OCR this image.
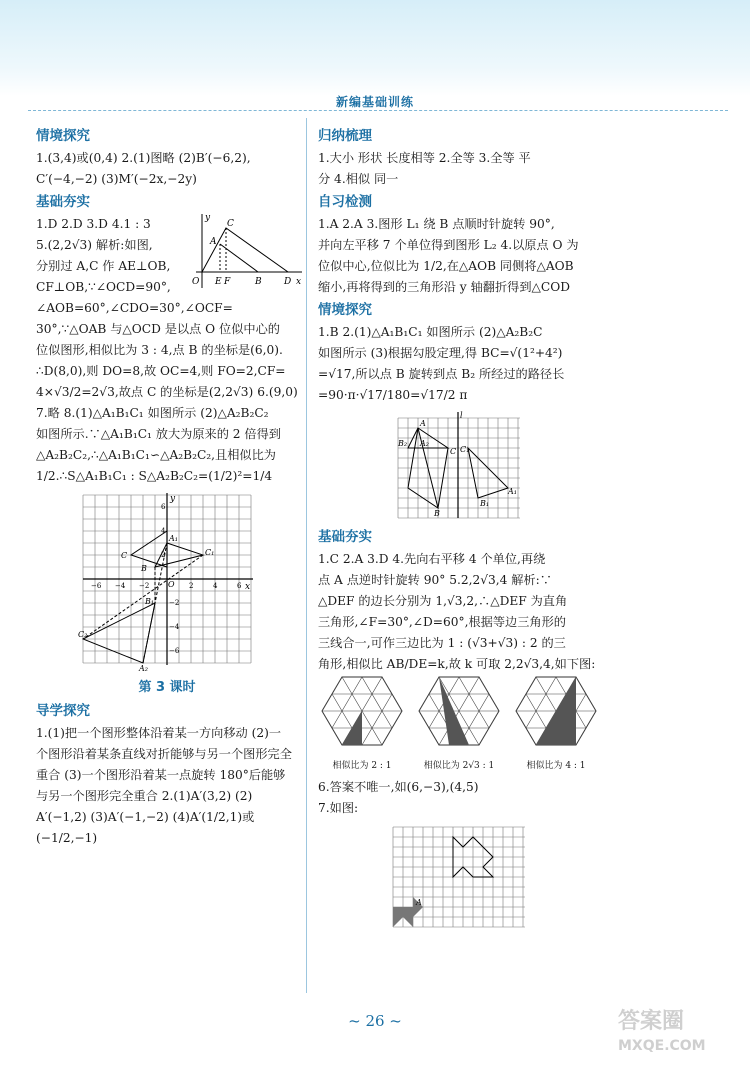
新编基础训练
情境探究
1.(3,4)或(0,4) 2.(1)图略 (2)B′(−6,2),
C′(−4,−2) (3)M′(−2x,−2y)
基础夯实
y
x
O E F	B D
A
C
1.D 2.D 3.D 4.1 : 3
5.(2,2√3) 解析:如图,
分别过 A,C 作 AE⊥OB,
CF⊥OB,∵∠OCD=90°,
∠AOB=60°,∠CDO=30°,∠OCF=
30°,∵△OAB 与△OCD 是以点 O 位似中心的
位似图形,相似比为 3 : 4,点 B 的坐标是(6,0).
∴D(8,0),则 DO=8,故 OC=4,则 FO=2,CF=
4×√3/2=2√3,故点 C 的坐标是(2,2√3) 6.(9,0)
7.略 8.(1)△A₁B₁C₁ 如图所示 (2)△A₂B₂C₂
如图所示.∵△A₁B₁C₁ 放大为原来的 2 倍得到
△A₂B₂C₂,∴△A₁B₁C₁∽△A₂B₂C₂,且相似比为
1/2.∴S△A₁B₁C₁ : S△A₂B₂C₂=(1/2)²=1/4
y
x
A₁
C₁
C
B
O
B₁
C₂
A₂
6
4
2
−2
−4
−6
2	4	6
−2
−4
−6
第 3 课时
导学探究
1.(1)把一个图形整体沿着某一方向移动 (2)一
个图形沿着某条直线对折能够与另一个图形完全
重合 (3)一个图形沿着某一点旋转 180°后能够
与另一个图形完全重合 2.(1)A′(3,2) (2)
A′(−1,2) (3)A′(−1,−2) (4)A′(1/2,1)或
(−1/2,−1)
归纳梳理
1.大小 形状 长度相等 2.全等 3.全等 平
分 4.相似 同一
自习检测
1.A 2.A 3.图形 L₁ 绕 B 点顺时针旋转 90°,
并向左平移 7 个单位得到图形 L₂ 4.以原点 O 为
位似中心,位似比为 1/2,在△AOB 同侧将△AOB
缩小,再将得到的三角形沿 y 轴翻折得到△COD
情境探究
1.B 2.(1)△A₁B₁C₁ 如图所示 (2)△A₂B₂C
如图所示 (3)根据勾股定理,得 BC=√(1²+4²)
=√17,所以点 B 旋转到点 B₂ 所经过的路径长
=90·π·√17/180=√17/2 π
l
A
A₂
B₂
C C₁
A₁
B
B₁
基础夯实
1.C 2.A 3.D 4.先向右平移 4 个单位,再绕
点 A 点逆时针旋转 90° 5.2,2√3,4 解析:∵
△DEF 的边长分别为 1,√3,2,∴△DEF 为直角
三角形,∠F=30°,∠D=60°,根据等边三角形的
三线合一,可作三边比为 1 : (√3+√3) : 2 的三
角形,相似比 AB/DE=k,故 k 可取 2,2√3,4,如下图:
相似比为 2 : 1	相似比为 2√3 : 1	相似比为 4 : 1
6.答案不唯一,如(6,−3),(4,5)
7.如图:
A
~ 26 ~	答案圈
MXQE.COM
